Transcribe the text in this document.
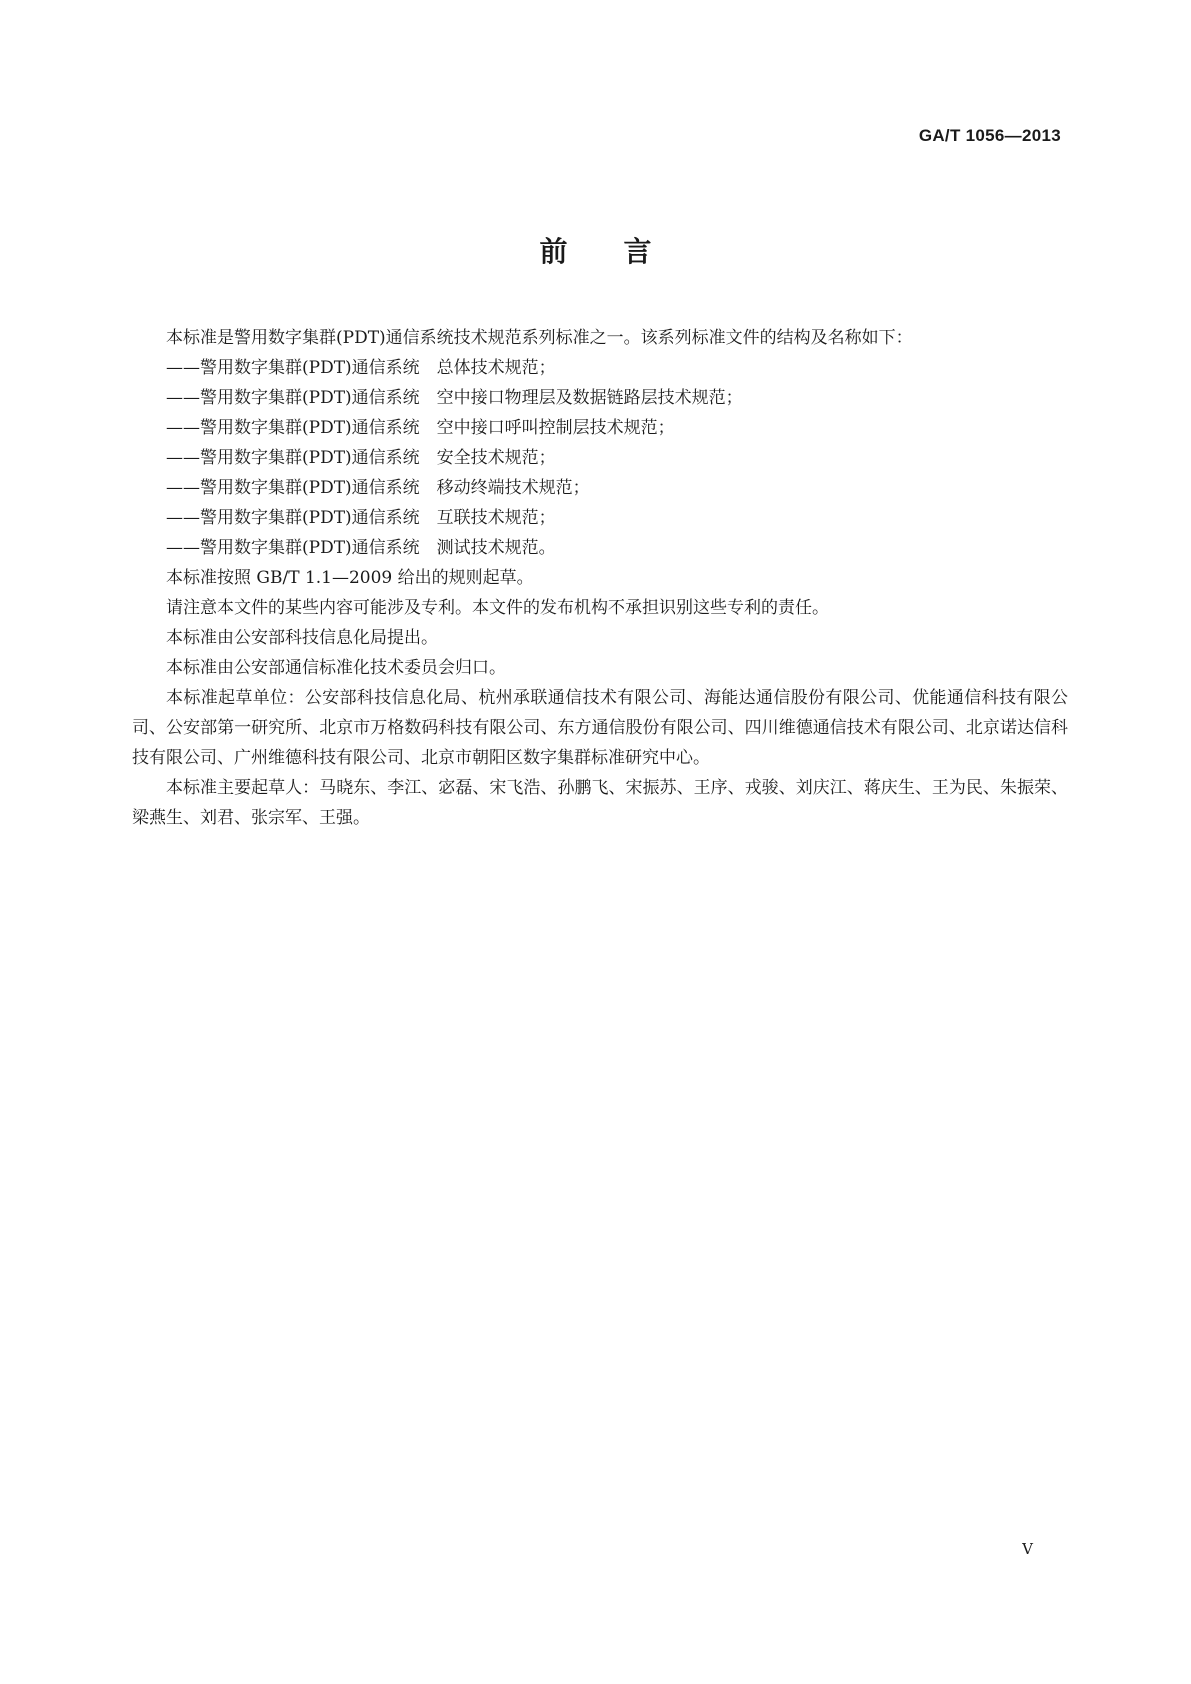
GA/T 1056—2013
前言

本标准是警用数字集群(PDT)通信系统技术规范系列标准之一。该系列标准文件的结构及名称如下：

——警用数字集群(PDT)通信系统　总体技术规范；

——警用数字集群(PDT)通信系统　空中接口物理层及数据链路层技术规范；

——警用数字集群(PDT)通信系统　空中接口呼叫控制层技术规范；

——警用数字集群(PDT)通信系统　安全技术规范；

——警用数字集群(PDT)通信系统　移动终端技术规范；

——警用数字集群(PDT)通信系统　互联技术规范；

——警用数字集群(PDT)通信系统　测试技术规范。

本标准按照 GB/T 1.1—2009 给出的规则起草。

请注意本文件的某些内容可能涉及专利。本文件的发布机构不承担识别这些专利的责任。

本标准由公安部科技信息化局提出。

本标准由公安部通信标准化技术委员会归口。

本标准起草单位：公安部科技信息化局、杭州承联通信技术有限公司、海能达通信股份有限公司、优能通信科技有限公司、公安部第一研究所、北京市万格数码科技有限公司、东方通信股份有限公司、四川维德通信技术有限公司、北京诺达信科技有限公司、广州维德科技有限公司、北京市朝阳区数字集群标准研究中心。

本标准主要起草人：马晓东、李江、宓磊、宋飞浩、孙鹏飞、宋振苏、王序、戎骏、刘庆江、蒋庆生、王为民、朱振荣、梁燕生、刘君、张宗军、王强。

V
